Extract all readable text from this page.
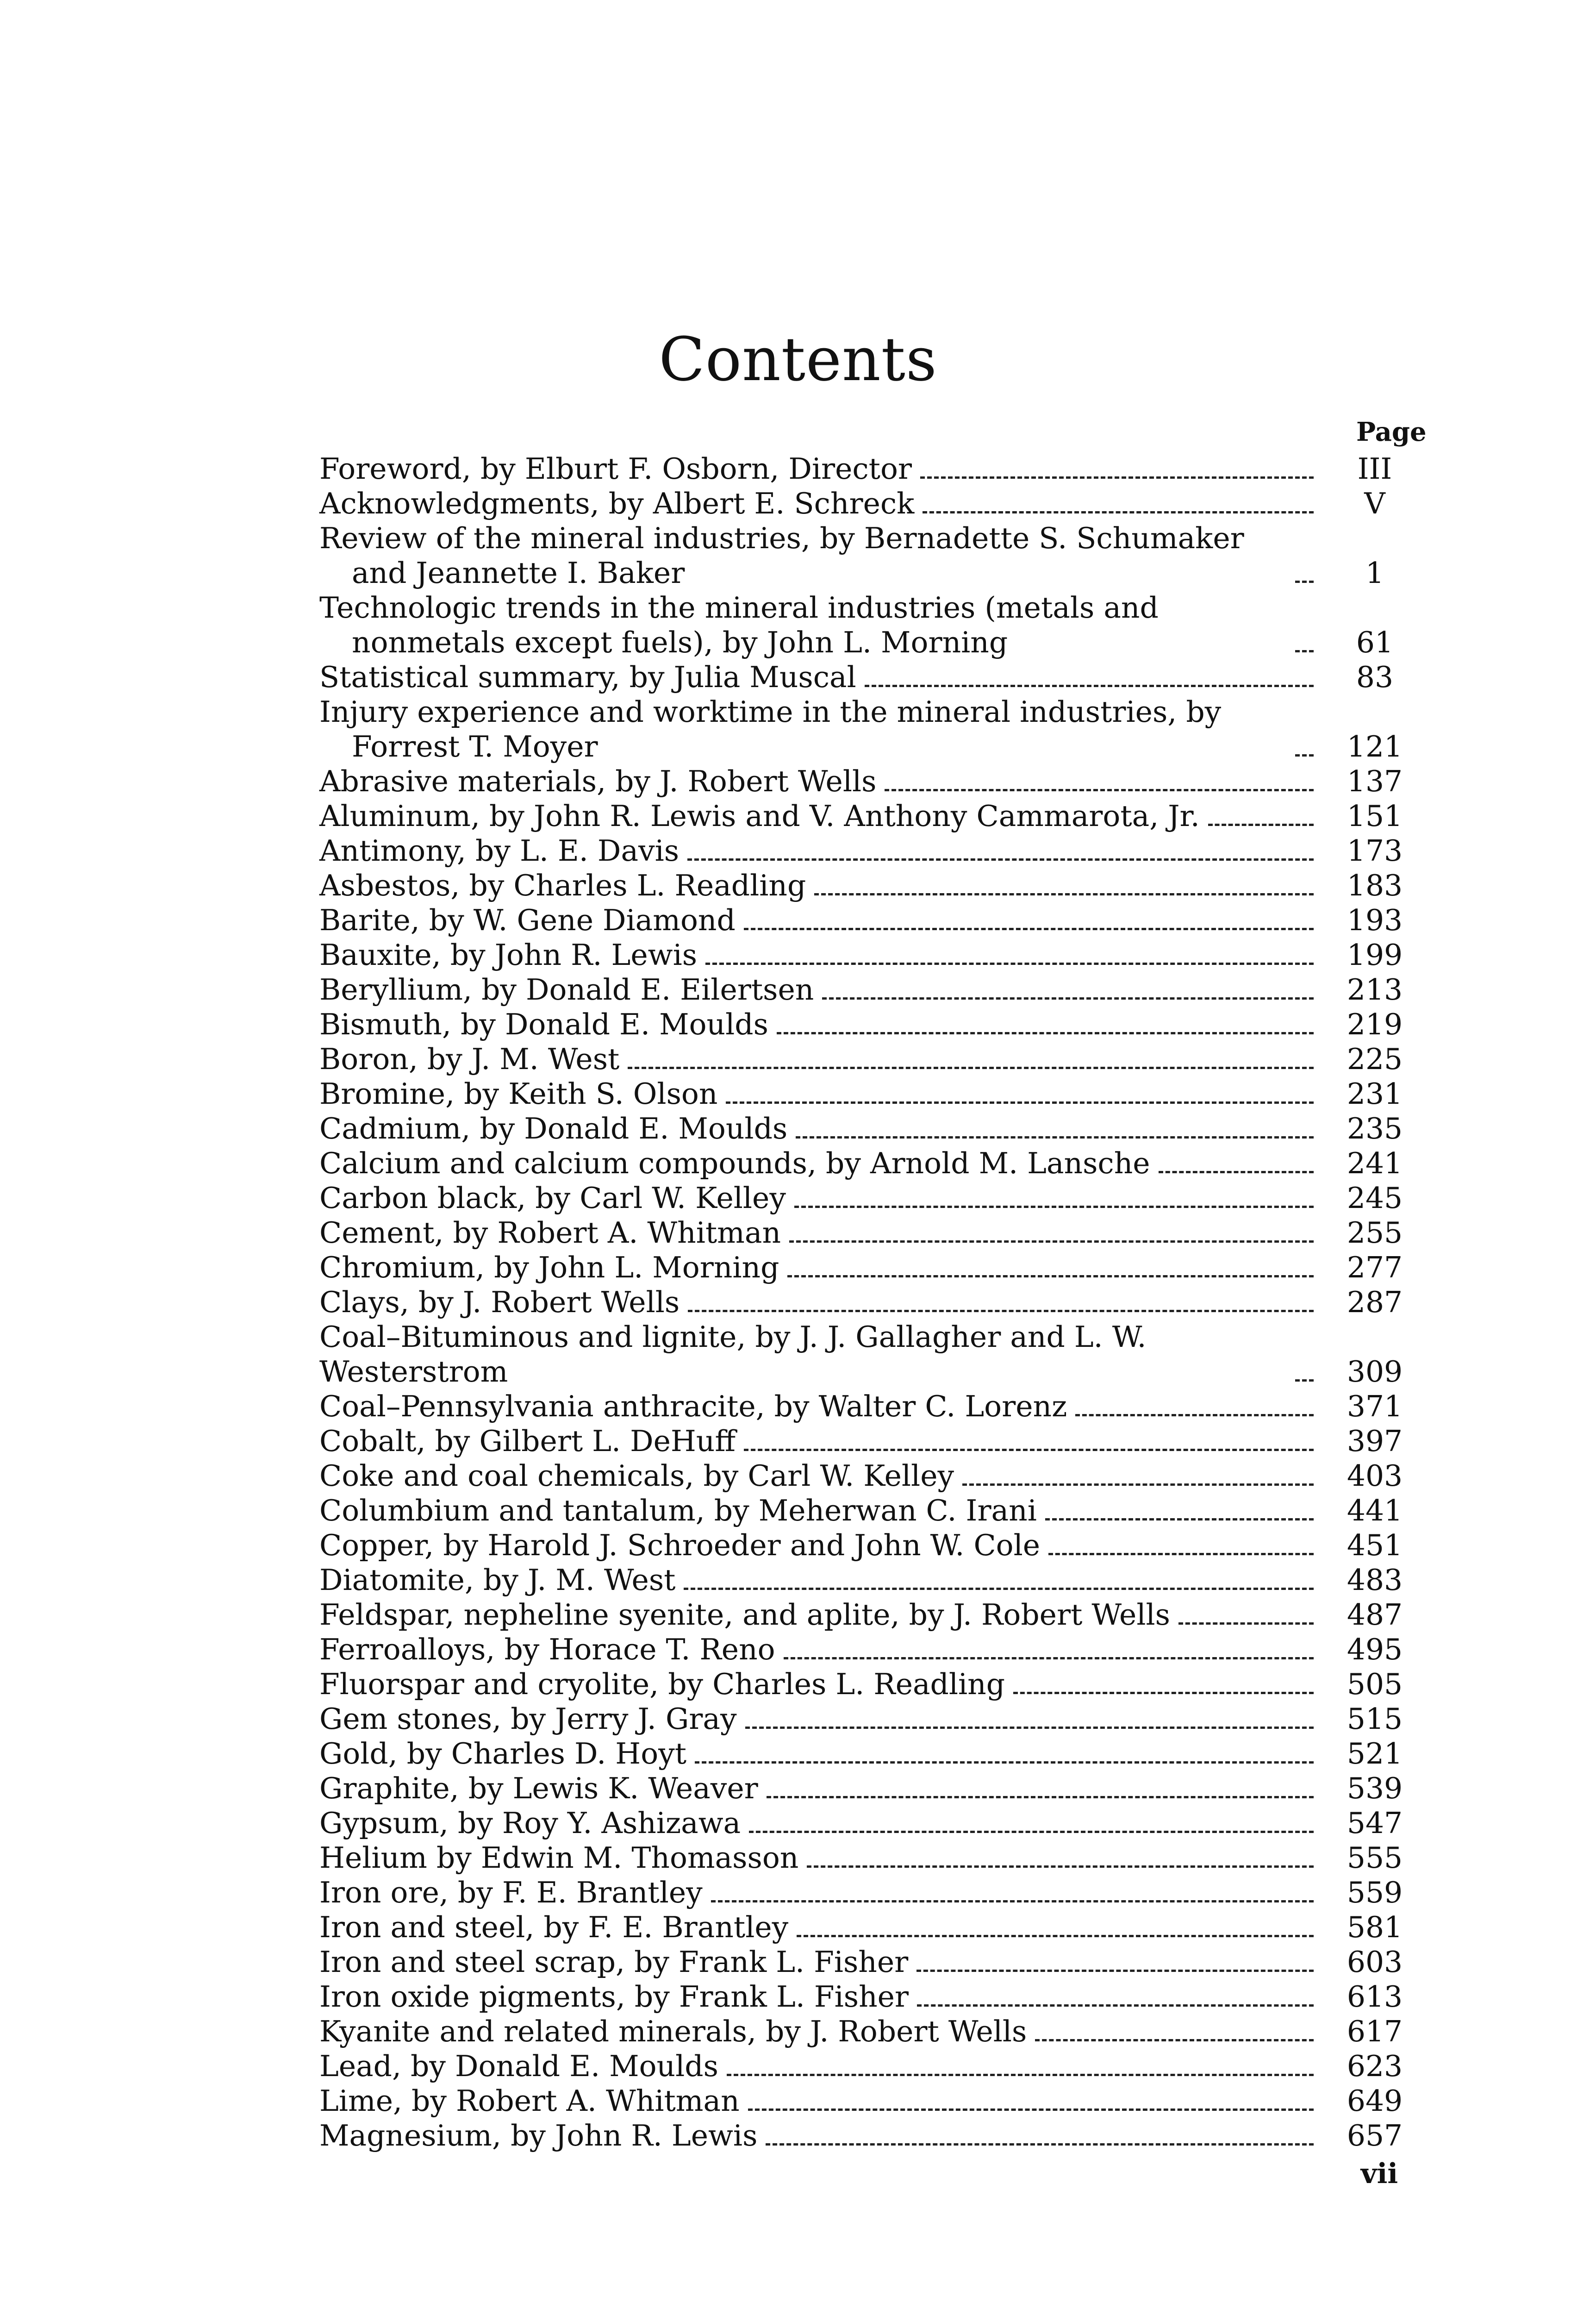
Contents
Page
Foreword, by Elburt F. Osborn, Director	III
Acknowledgments, by Albert E. Schreck	V
Review of the mineral industries, by Bernadette S. Schumaker and Jeannette I. Baker	1
Technologic trends in the mineral industries (metals and nonmetals except fuels), by John L. Morning	61
Statistical summary, by Julia Muscal	83
Injury experience and worktime in the mineral industries, by Forrest T. Moyer	121
Abrasive materials, by J. Robert Wells	137
Aluminum, by John R. Lewis and V. Anthony Cammarota, Jr.	151
Antimony, by L. E. Davis	173
Asbestos, by Charles L. Readling	183
Barite, by W. Gene Diamond	193
Bauxite, by John R. Lewis	199
Beryllium, by Donald E. Eilertsen	213
Bismuth, by Donald E. Moulds	219
Boron, by J. M. West	225
Bromine, by Keith S. Olson	231
Cadmium, by Donald E. Moulds	235
Calcium and calcium compounds, by Arnold M. Lansche	241
Carbon black, by Carl W. Kelley	245
Cement, by Robert A. Whitman	255
Chromium, by John L. Morning	277
Clays, by J. Robert Wells	287
Coal–Bituminous and lignite, by J. J. Gallagher and L. W. Westerstrom	309
Coal–Pennsylvania anthracite, by Walter C. Lorenz	371
Cobalt, by Gilbert L. DeHuff	397
Coke and coal chemicals, by Carl W. Kelley	403
Columbium and tantalum, by Meherwan C. Irani	441
Copper, by Harold J. Schroeder and John W. Cole	451
Diatomite, by J. M. West	483
Feldspar, nepheline syenite, and aplite, by J. Robert Wells	487
Ferroalloys, by Horace T. Reno	495
Fluorspar and cryolite, by Charles L. Readling	505
Gem stones, by Jerry J. Gray	515
Gold, by Charles D. Hoyt	521
Graphite, by Lewis K. Weaver	539
Gypsum, by Roy Y. Ashizawa	547
Helium by Edwin M. Thomasson	555
Iron ore, by F. E. Brantley	559
Iron and steel, by F. E. Brantley	581
Iron and steel scrap, by Frank L. Fisher	603
Iron oxide pigments, by Frank L. Fisher	613
Kyanite and related minerals, by J. Robert Wells	617
Lead, by Donald E. Moulds	623
Lime, by Robert A. Whitman	649
Magnesium, by John R. Lewis	657
vii
